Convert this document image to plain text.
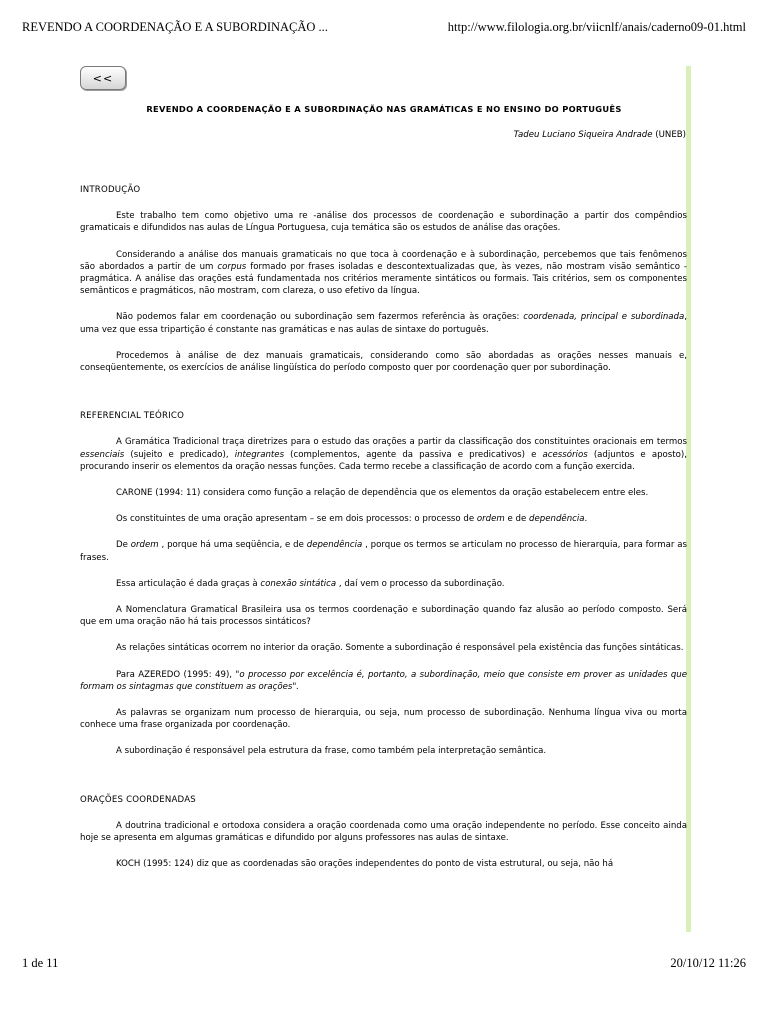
REVENDO A COORDENAÇÃO E A SUBORDINAÇÃO ...	http://www.filologia.org.br/viicnlf/anais/caderno09-01.html
<<
REVENDO A COORDENAÇÃO E A SUBORDINAÇÃO NAS GRAMÁTICAS E NO ENSINO DO PORTUGUÊS
Tadeu Luciano Siqueira Andrade (UNEB)
INTRODUÇÃO

Este trabalho tem como objetivo uma re -análise dos processos de coordenação e subordinação a partir dos compêndios gramaticais e difundidos nas aulas de Língua Portuguesa, cuja temática são os estudos de análise das orações.

Considerando a análise dos manuais gramaticais no que toca à coordenação e à subordinação, percebemos que tais fenômenos são abordados a partir de um corpus formado por frases isoladas e descontextualizadas que, às vezes, não mostram visão semântico - pragmática. A análise das orações está fundamentada nos critérios meramente sintáticos ou formais. Tais critérios, sem os componentes semânticos e pragmáticos, não mostram, com clareza, o uso efetivo da língua.

Não podemos falar em coordenação ou subordinação sem fazermos referência às orações: coordenada, principal e subordinada, uma vez que essa tripartição é constante nas gramáticas e nas aulas de sintaxe do português.

Procedemos à análise de dez manuais gramaticais, considerando como são abordadas as orações nesses manuais e, conseqüentemente, os exercícios de análise lingüística do período composto quer por coordenação quer por subordinação.

REFERENCIAL TEÓRICO

A Gramática Tradicional traça diretrizes para o estudo das orações a partir da classificação dos constituintes oracionais em termos essenciais (sujeito e predicado), integrantes (complementos, agente da passiva e predicativos) e acessórios (adjuntos e aposto), procurando inserir os elementos da oração nessas funções. Cada termo recebe a classificação de acordo com a função exercida.

CARONE (1994: 11) considera como função a relação de dependência que os elementos da oração estabelecem entre eles.

Os constituintes de uma oração apresentam – se em dois processos: o processo de ordem e de dependência.

De ordem , porque há uma seqüência, e de dependência , porque os termos se articulam no processo de hierarquia, para formar as frases.

Essa articulação é dada graças à conexão sintática , daí vem o processo da subordinação.

A Nomenclatura Gramatical Brasileira usa os termos coordenação e subordinação quando faz alusão ao período composto. Será que em uma oração não há tais processos sintáticos?

As relações sintáticas ocorrem no interior da oração. Somente a subordinação é responsável pela existência das funções sintáticas.

Para AZEREDO (1995: 49), "o processo por excelência é, portanto, a subordinação, meio que consiste em prover as unidades que formam os sintagmas que constituem as orações".

As palavras se organizam num processo de hierarquia, ou seja, num processo de subordinação. Nenhuma língua viva ou morta conhece uma frase organizada por coordenação.

A subordinação é responsável pela estrutura da frase, como também pela interpretação semântica.

ORAÇÕES COORDENADAS

A doutrina tradicional e ortodoxa considera a oração coordenada como uma oração independente no período. Esse conceito ainda hoje se apresenta em algumas gramáticas e difundido por alguns professores nas aulas de sintaxe.

KOCH (1995: 124) diz que as coordenadas são orações independentes do ponto de vista estrutural, ou seja, não há

1 de 11	20/10/12 11:26
